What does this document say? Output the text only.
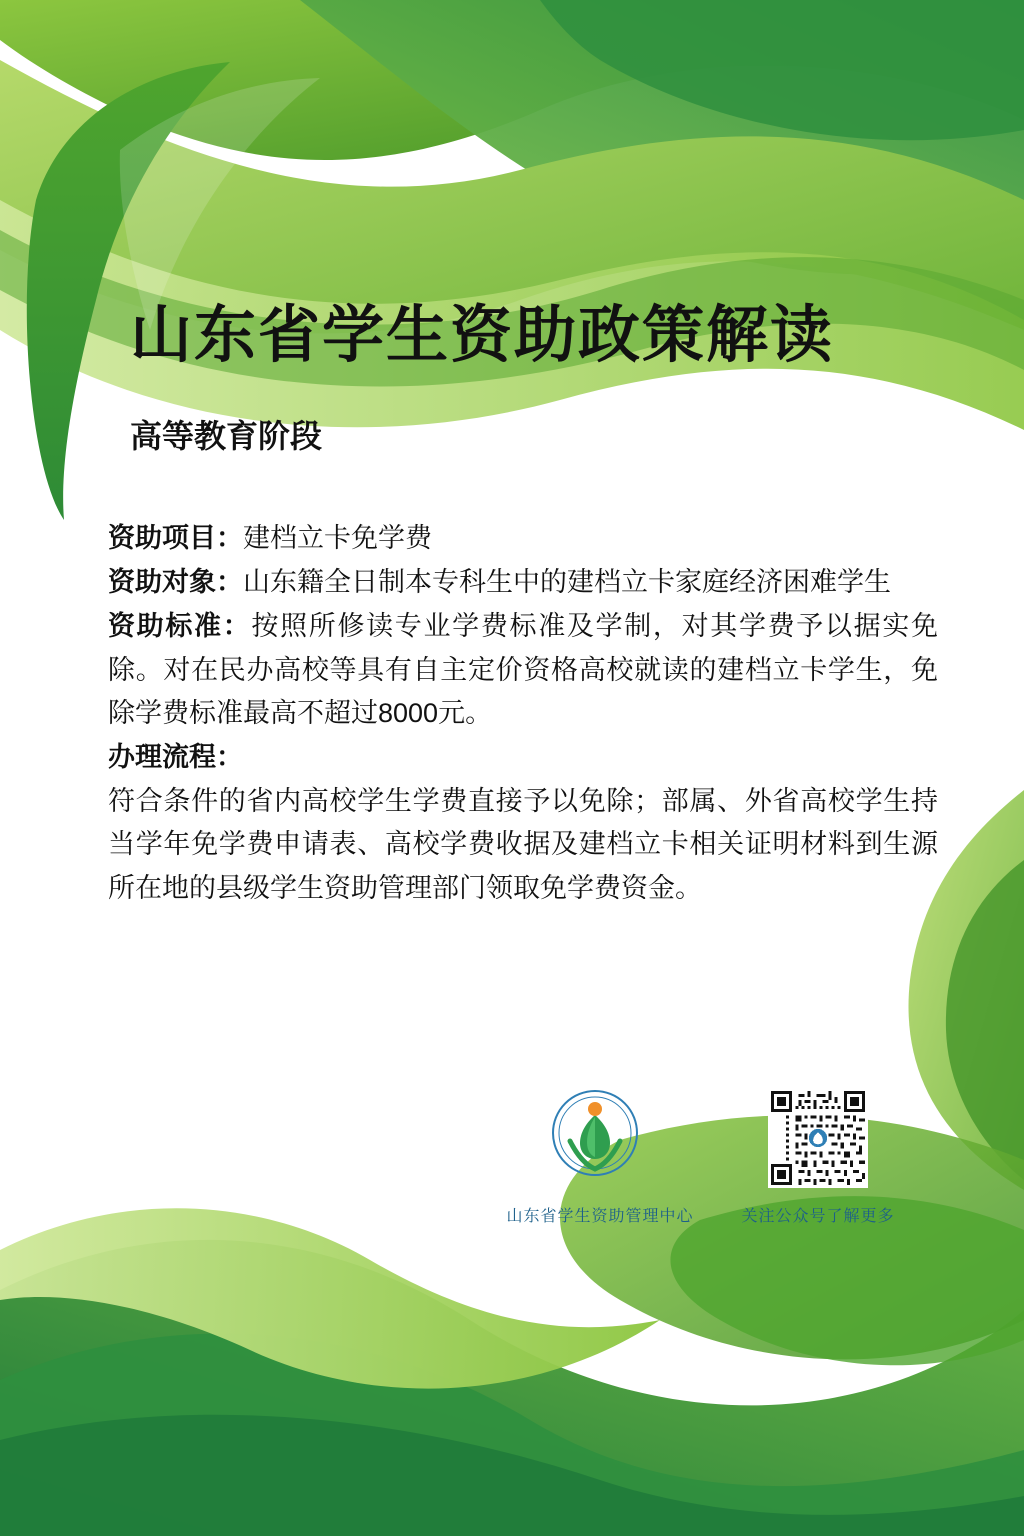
山东省学生资助政策解读
高等教育阶段

资助项目：建档立卡免学费

资助对象：山东籍全日制本专科生中的建档立卡家庭经济困难学生

资助标准：按照所修读专业学费标准及学制，对其学费予以据实免除。对在民办高校等具有自主定价资格高校就读的建档立卡学生，免除学费标准最高不超过8000元。

办理流程：

符合条件的省内高校学生学费直接予以免除；部属、外省高校学生持当学年免学费申请表、高校学费收据及建档立卡相关证明材料到生源所在地的县级学生资助管理部门领取免学费资金。

山东省学生资助管理中心	关注公众号了解更多
